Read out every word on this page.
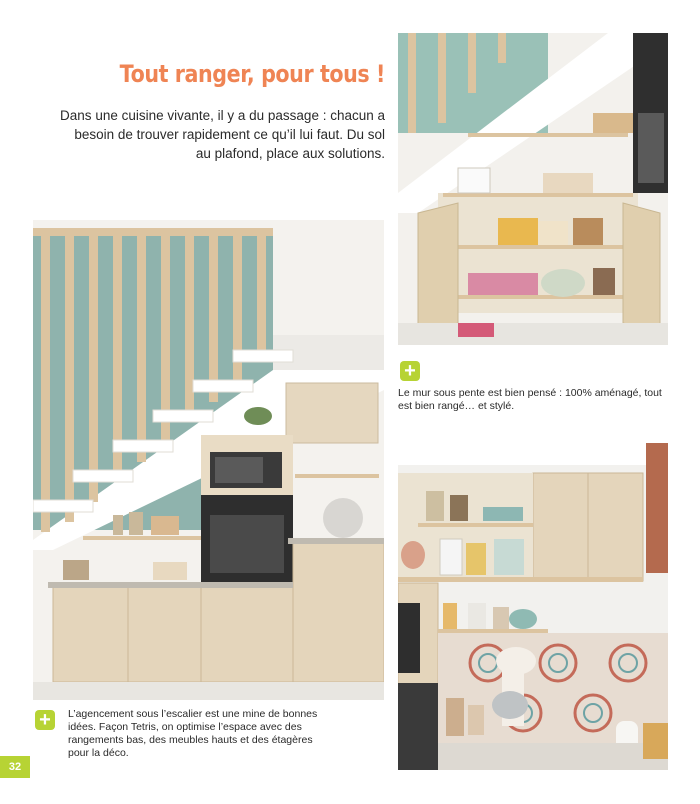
Tout ranger, pour tous !
Dans une cuisine vivante, il y a du passage : chacun a besoin de trouver rapidement ce qu’il lui faut. Du sol au plafond, place aux solutions.
+
Le mur sous pente est bien pensé : 100% aménagé, tout est bien rangé… et stylé.
+	L’agencement sous l’escalier est une mine de bonnes idées. Façon Tetris, on optimise l’espace avec des rangements bas, des meubles hauts et des étagères pour la déco.
32
